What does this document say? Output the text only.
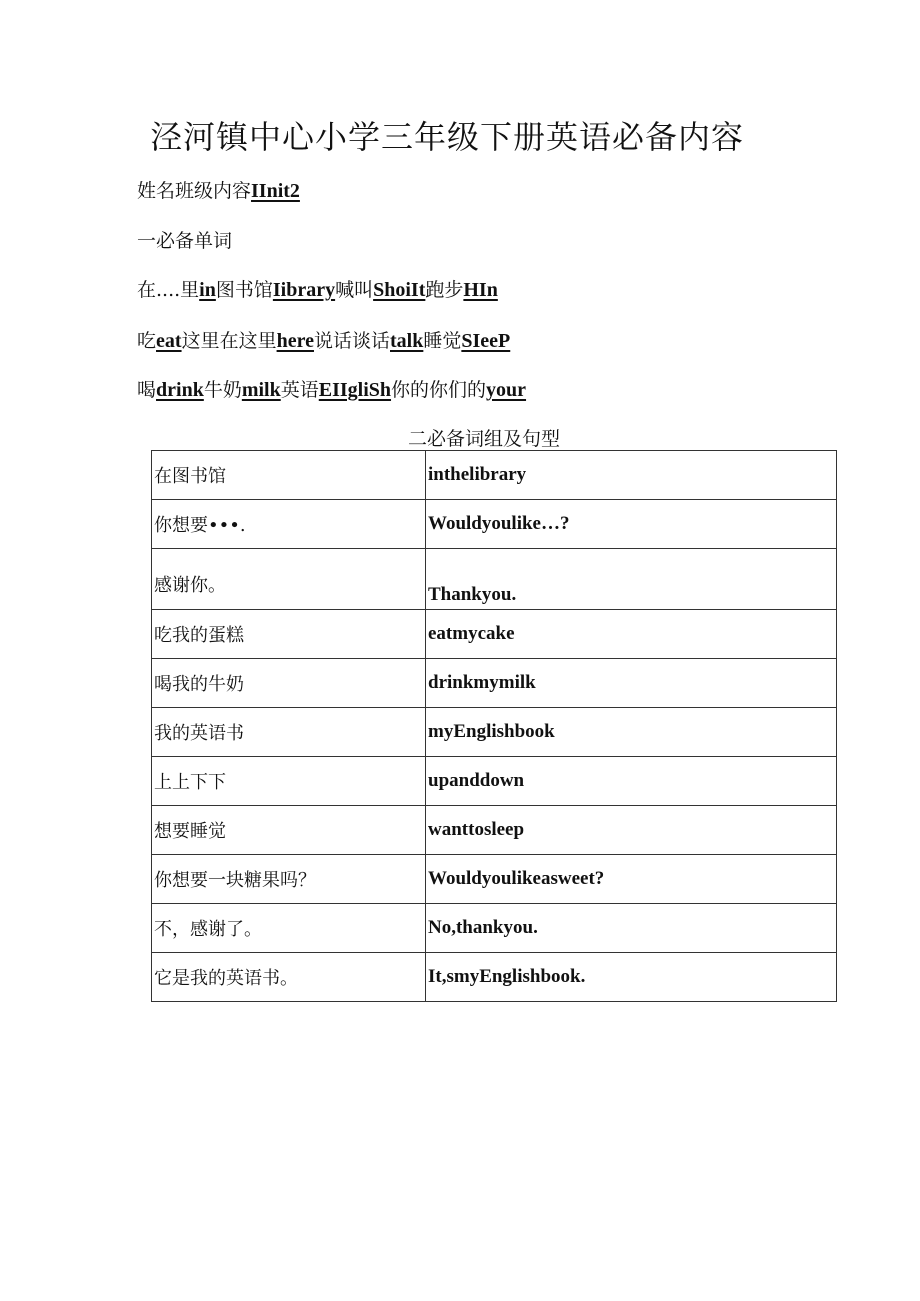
泾河镇中心小学三年级下册英语必备内容
姓名班级内容IInit2
一必备单词
在....里in图书馆Iibrary喊叫ShoiIt跑步HIn
吃eat这里在这里here说话谈话talk睡觉SIeeP
喝drink牛奶milk英语EIIgliSh你的你们的your
二必备词组及句型
在图书馆	inthelibrary
你想要•••.	Wouldyoulike…?
感谢你。	Thankyou.
吃我的蛋糕	eatmycake
喝我的牛奶	drinkmymilk
我的英语书	myEnglishbook
上上下下	upanddown
想要睡觉	wanttosleep
你想要一块糖果吗？	Wouldyoulikeasweet?
不，感谢了。	No,thankyou.
它是我的英语书。	It,smyEnglishbook.
